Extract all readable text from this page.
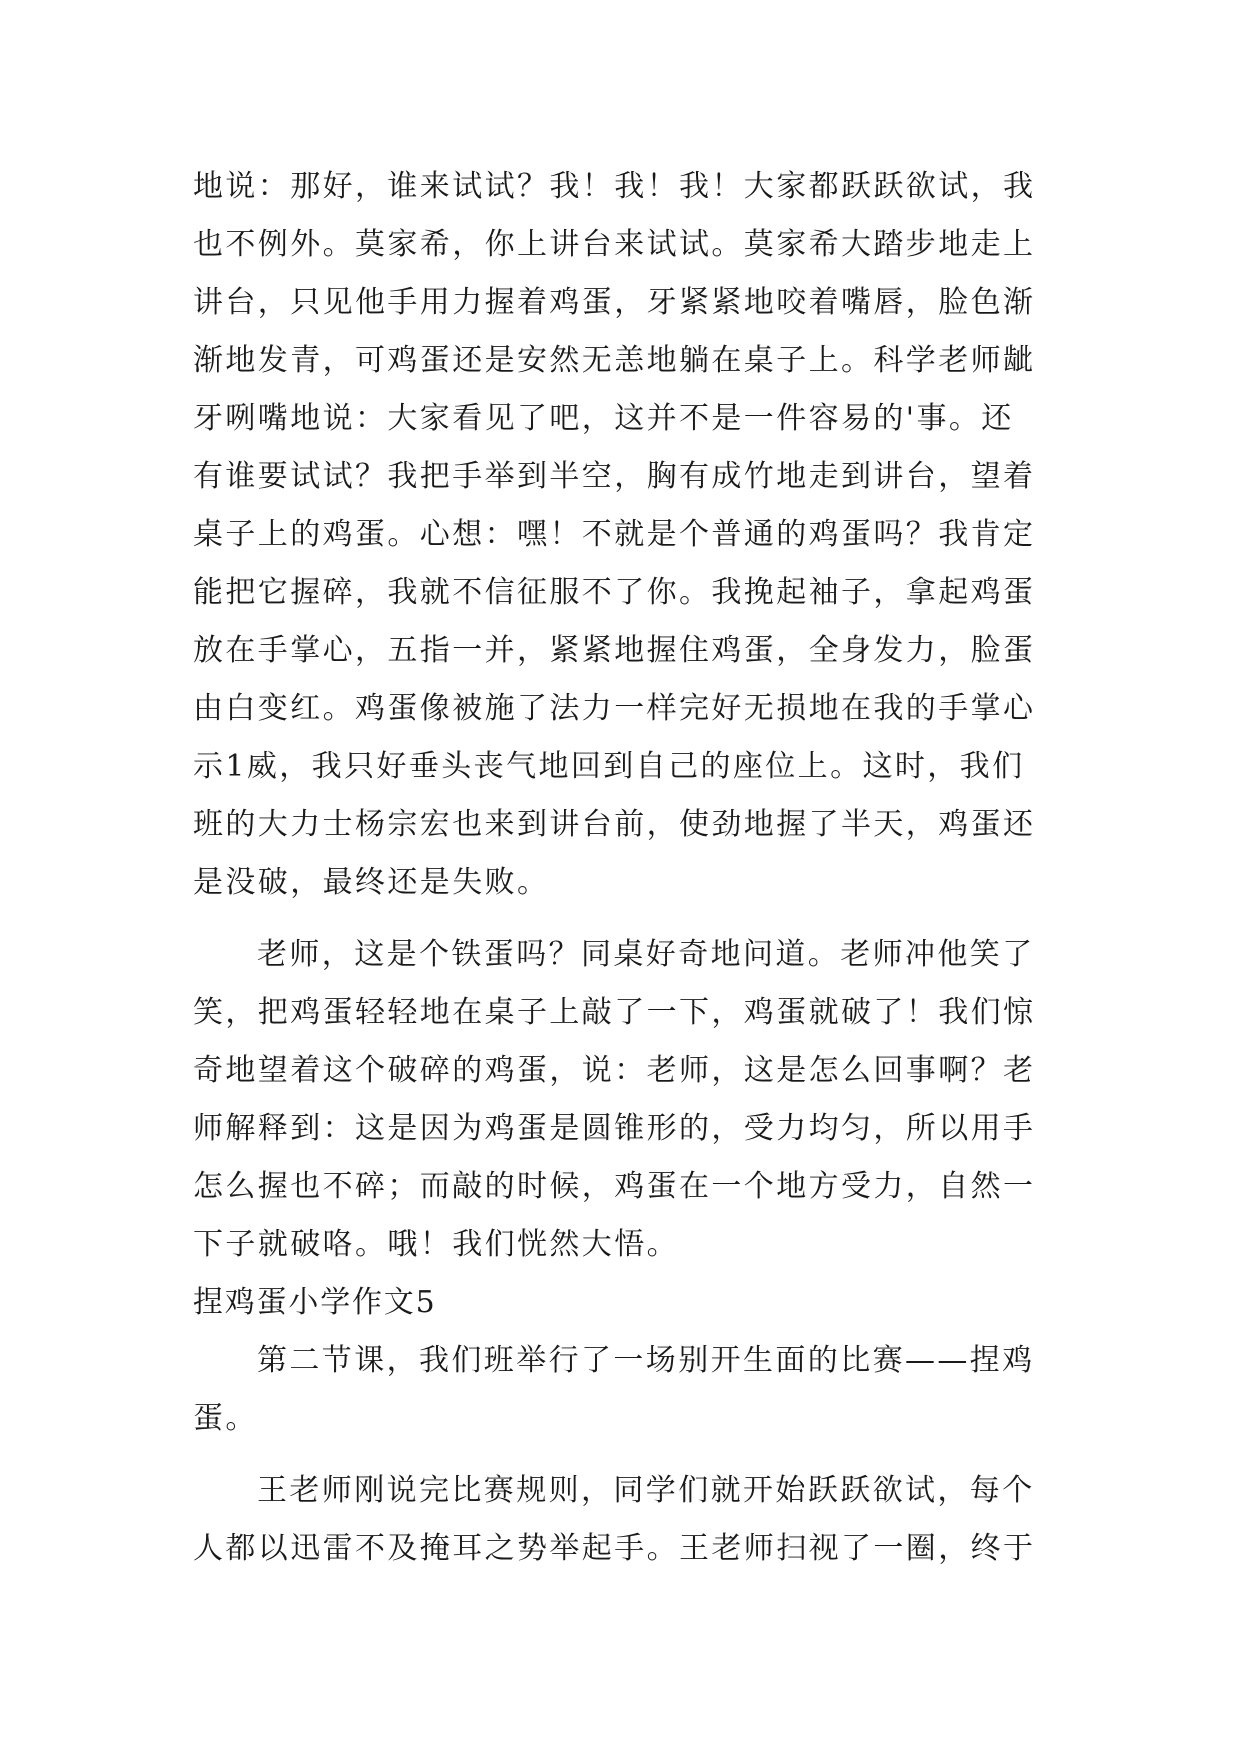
地说：那好，谁来试试？我！我！我！大家都跃跃欲试，我
也不例外。莫家希，你上讲台来试试。莫家希大踏步地走上
讲台，只见他手用力握着鸡蛋，牙紧紧地咬着嘴唇，脸色渐
渐地发青，可鸡蛋还是安然无恙地躺在桌子上。科学老师龇
牙咧嘴地说：大家看见了吧，这并不是一件容易的'事。还
有谁要试试？我把手举到半空，胸有成竹地走到讲台，望着
桌子上的鸡蛋。心想：嘿！不就是个普通的鸡蛋吗？我肯定
能把它握碎，我就不信征服不了你。我挽起袖子，拿起鸡蛋
放在手掌心，五指一并，紧紧地握住鸡蛋，全身发力，脸蛋
由白变红。鸡蛋像被施了法力一样完好无损地在我的手掌心
示1威，我只好垂头丧气地回到自己的座位上。这时，我们
班的大力士杨宗宏也来到讲台前，使劲地握了半天，鸡蛋还
是没破，最终还是失败。
老师，这是个铁蛋吗？同桌好奇地问道。老师冲他笑了
笑，把鸡蛋轻轻地在桌子上敲了一下，鸡蛋就破了！我们惊
奇地望着这个破碎的鸡蛋，说：老师，这是怎么回事啊？老
师解释到：这是因为鸡蛋是圆锥形的，受力均匀，所以用手
怎么握也不碎；而敲的时候，鸡蛋在一个地方受力，自然一
下子就破咯。哦！我们恍然大悟。
捏鸡蛋小学作文5
第二节课，我们班举行了一场别开生面的比赛——捏鸡
蛋。
王老师刚说完比赛规则，同学们就开始跃跃欲试，每个
人都以迅雷不及掩耳之势举起手。王老师扫视了一圈，终于
